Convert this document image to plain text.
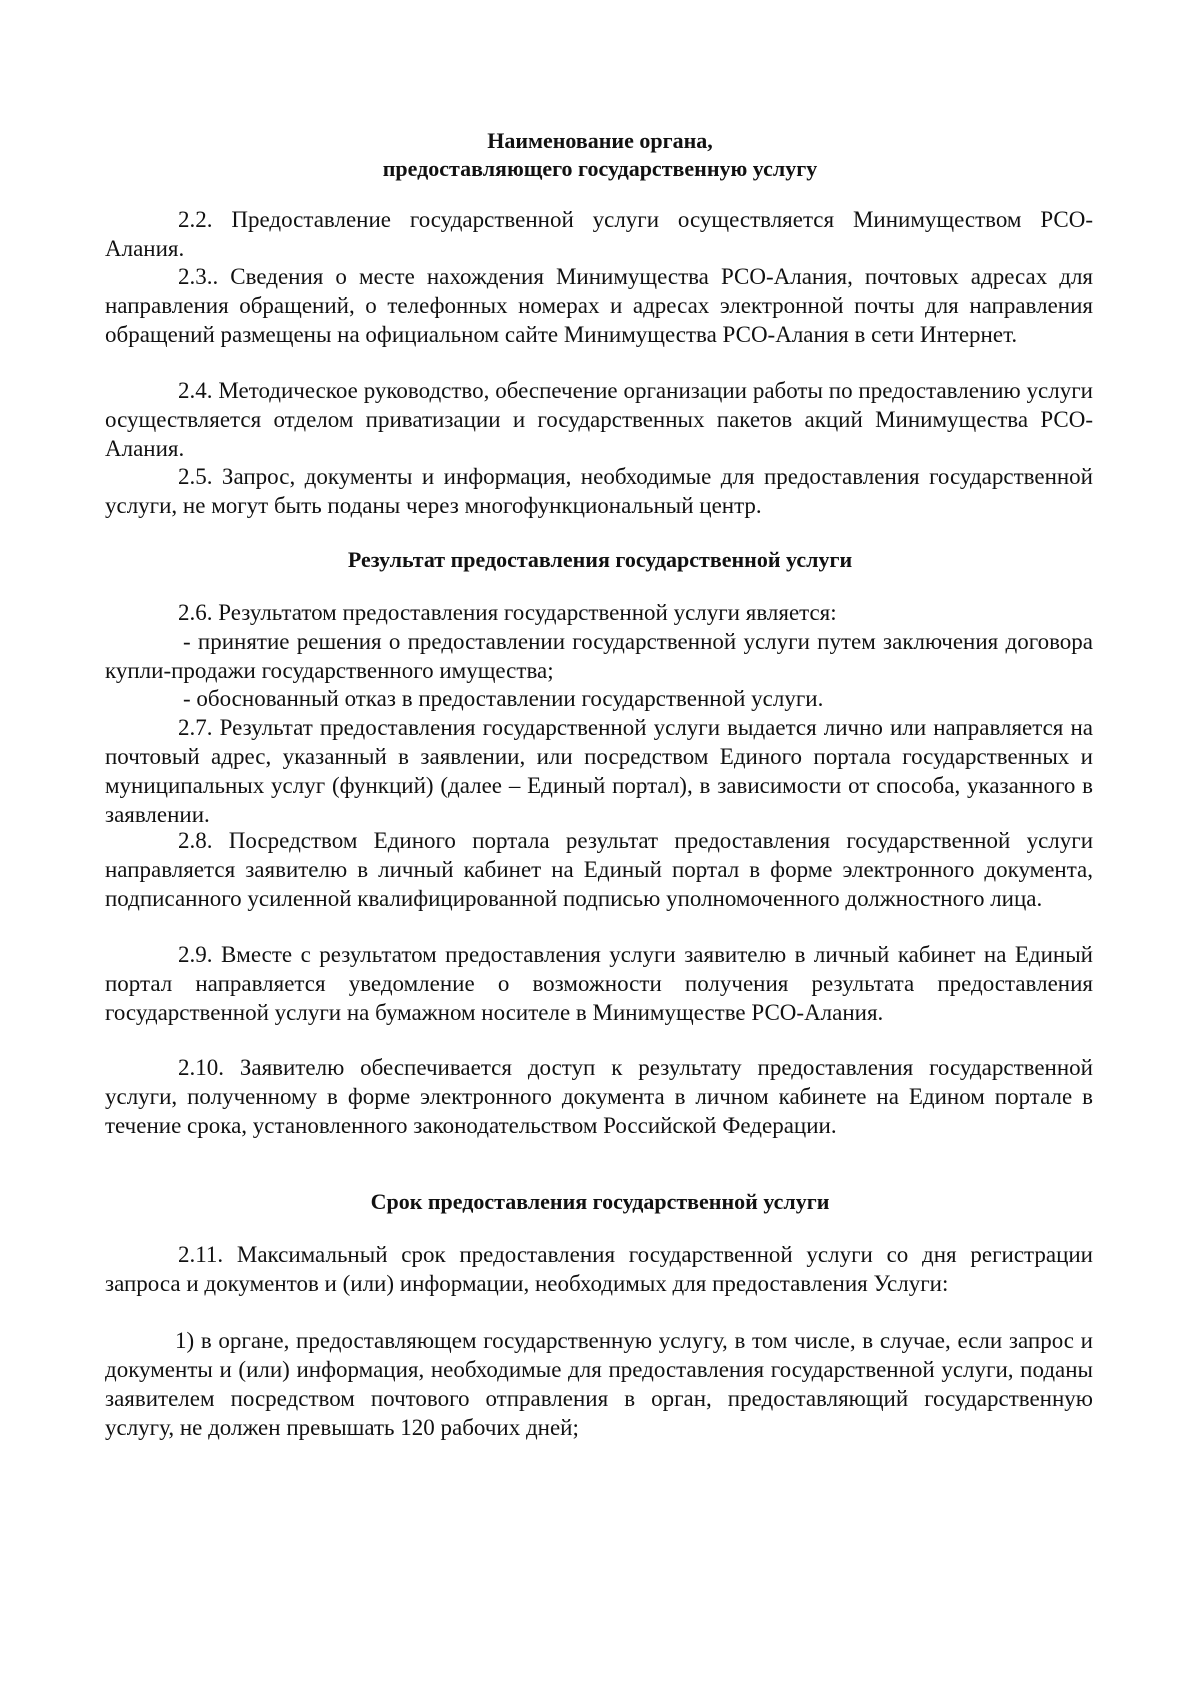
Наименование органа,
предоставляющего государственную услугу

2.2. Предоставление государственной услуги осуществляется Минимуществом РСО-Алания.

2.3.. Сведения о месте нахождения Минимущества РСО-Алания, почтовых адресах для направления обращений, о телефонных номерах и адресах электронной почты для направления обращений размещены на официальном сайте Минимущества РСО-Алания в сети Интернет.

2.4. Методическое руководство, обеспечение организации работы по предоставлению услуги осуществляется отделом приватизации и государственных пакетов акций Минимущества РСО-Алания.

2.5. Запрос, документы и информация, необходимые для предоставления государственной услуги, не могут быть поданы через многофункциональный центр.

Результат предоставления государственной услуги

2.6. Результатом предоставления государственной услуги является:

- принятие решения о предоставлении государственной услуги путем заключения договора купли-продажи государственного имущества;

- обоснованный отказ в предоставлении государственной услуги.

2.7. Результат предоставления государственной услуги выдается лично или направляется на почтовый адрес, указанный в заявлении, или посредством Единого портала государственных и муниципальных услуг (функций) (далее – Единый портал), в зависимости от способа, указанного в заявлении.

2.8. Посредством Единого портала результат предоставления государственной услуги направляется заявителю в личный кабинет на Единый портал в форме электронного документа, подписанного усиленной квалифицированной подписью уполномоченного должностного лица.

2.9. Вместе с результатом предоставления услуги заявителю в личный кабинет на Единый портал направляется уведомление о возможности получения результата предоставления государственной услуги на бумажном носителе в Минимуществе РСО-Алания.

2.10. Заявителю обеспечивается доступ к результату предоставления государственной услуги, полученному в форме электронного документа в личном кабинете на Едином портале в течение срока, установленного законодательством Российской Федерации.

Срок предоставления государственной услуги

2.11. Максимальный срок предоставления государственной услуги со дня регистрации запроса и документов и (или) информации, необходимых для предоставления Услуги:

1) в органе, предоставляющем государственную услугу, в том числе, в случае, если запрос и документы и (или) информация, необходимые для предоставления государственной услуги, поданы заявителем посредством почтового отправления в орган, предоставляющий государственную услугу, не должен превышать 120 рабочих дней;
